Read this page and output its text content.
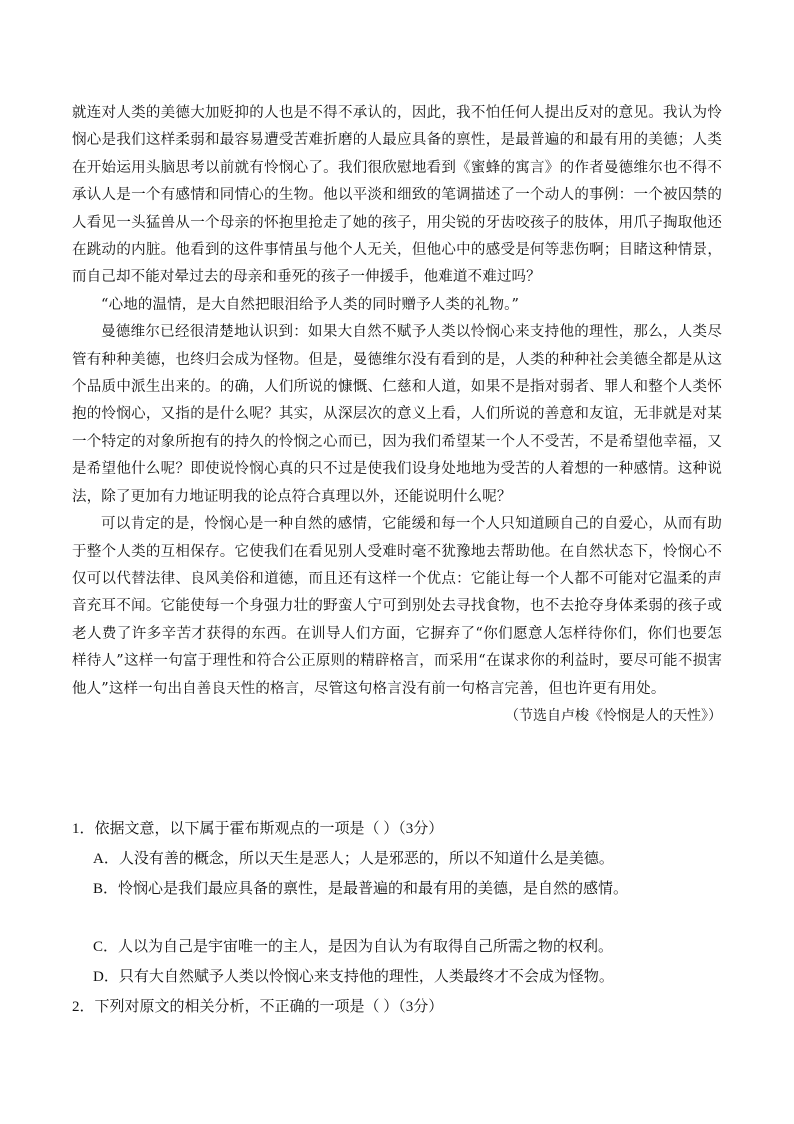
就连对人类的美德大加贬抑的人也是不得不承认的，因此，我不怕任何人提出反对的意见。我认为怜悯心是我们这样柔弱和最容易遭受苦难折磨的人最应具备的禀性，是最普遍的和最有用的美德；人类在开始运用头脑思考以前就有怜悯心了。我们很欣慰地看到《蜜蜂的寓言》的作者曼德维尔也不得不承认人是一个有感情和同情心的生物。他以平淡和细致的笔调描述了一个动人的事例：一个被囚禁的人看见一头猛兽从一个母亲的怀抱里抢走了她的孩子，用尖锐的牙齿咬孩子的肢体，用爪子掏取他还在跳动的内脏。他看到的这件事情虽与他个人无关，但他心中的感受是何等悲伤啊；目睹这种情景，而自己却不能对晕过去的母亲和垂死的孩子一伸援手，他难道不难过吗？

“心地的温情，是大自然把眼泪给予人类的同时赠予人类的礼物。”

曼德维尔已经很清楚地认识到：如果大自然不赋予人类以怜悯心来支持他的理性，那么，人类尽管有种种美德，也终归会成为怪物。但是，曼德维尔没有看到的是，人类的种种社会美德全都是从这个品质中派生出来的。的确，人们所说的慷慨、仁慈和人道，如果不是指对弱者、罪人和整个人类怀抱的怜悯心，又指的是什么呢？其实，从深层次的意义上看，人们所说的善意和友谊，无非就是对某一个特定的对象所抱有的持久的怜悯之心而已，因为我们希望某一个人不受苦，不是希望他幸福，又是希望他什么呢？即使说怜悯心真的只不过是使我们设身处地地为受苦的人着想的一种感情。这种说法，除了更加有力地证明我的论点符合真理以外，还能说明什么呢？

可以肯定的是，怜悯心是一种自然的感情，它能缓和每一个人只知道顾自己的自爱心，从而有助于整个人类的互相保存。它使我们在看见别人受难时毫不犹豫地去帮助他。在自然状态下，怜悯心不仅可以代替法律、良风美俗和道德，而且还有这样一个优点：它能让每一个人都不可能对它温柔的声音充耳不闻。它能使每一个身强力壮的野蛮人宁可到别处去寻找食物，也不去抢夺身体柔弱的孩子或老人费了许多辛苦才获得的东西。在训导人们方面，它摒弃了“你们愿意人怎样待你们，你们也要怎样待人”这样一句富于理性和符合公正原则的精辟格言，而采用“在谋求你的利益时，要尽可能不损害他人”这样一句出自善良天性的格言，尽管这句格言没有前一句格言完善，但也许更有用处。

（节选自卢梭《怜悯是人的天性》）

1．依据文意，以下属于霍布斯观点的一项是（ ）（3分）

A．人没有善的概念，所以天生是恶人；人是邪恶的，所以不知道什么是美德。

B．怜悯心是我们最应具备的禀性，是最普遍的和最有用的美德，是自然的感情。

C．人以为自己是宇宙唯一的主人，是因为自认为有取得自己所需之物的权利。

D．只有大自然赋予人类以怜悯心来支持他的理性，人类最终才不会成为怪物。

2．下列对原文的相关分析，不正确的一项是（ ）（3分）
